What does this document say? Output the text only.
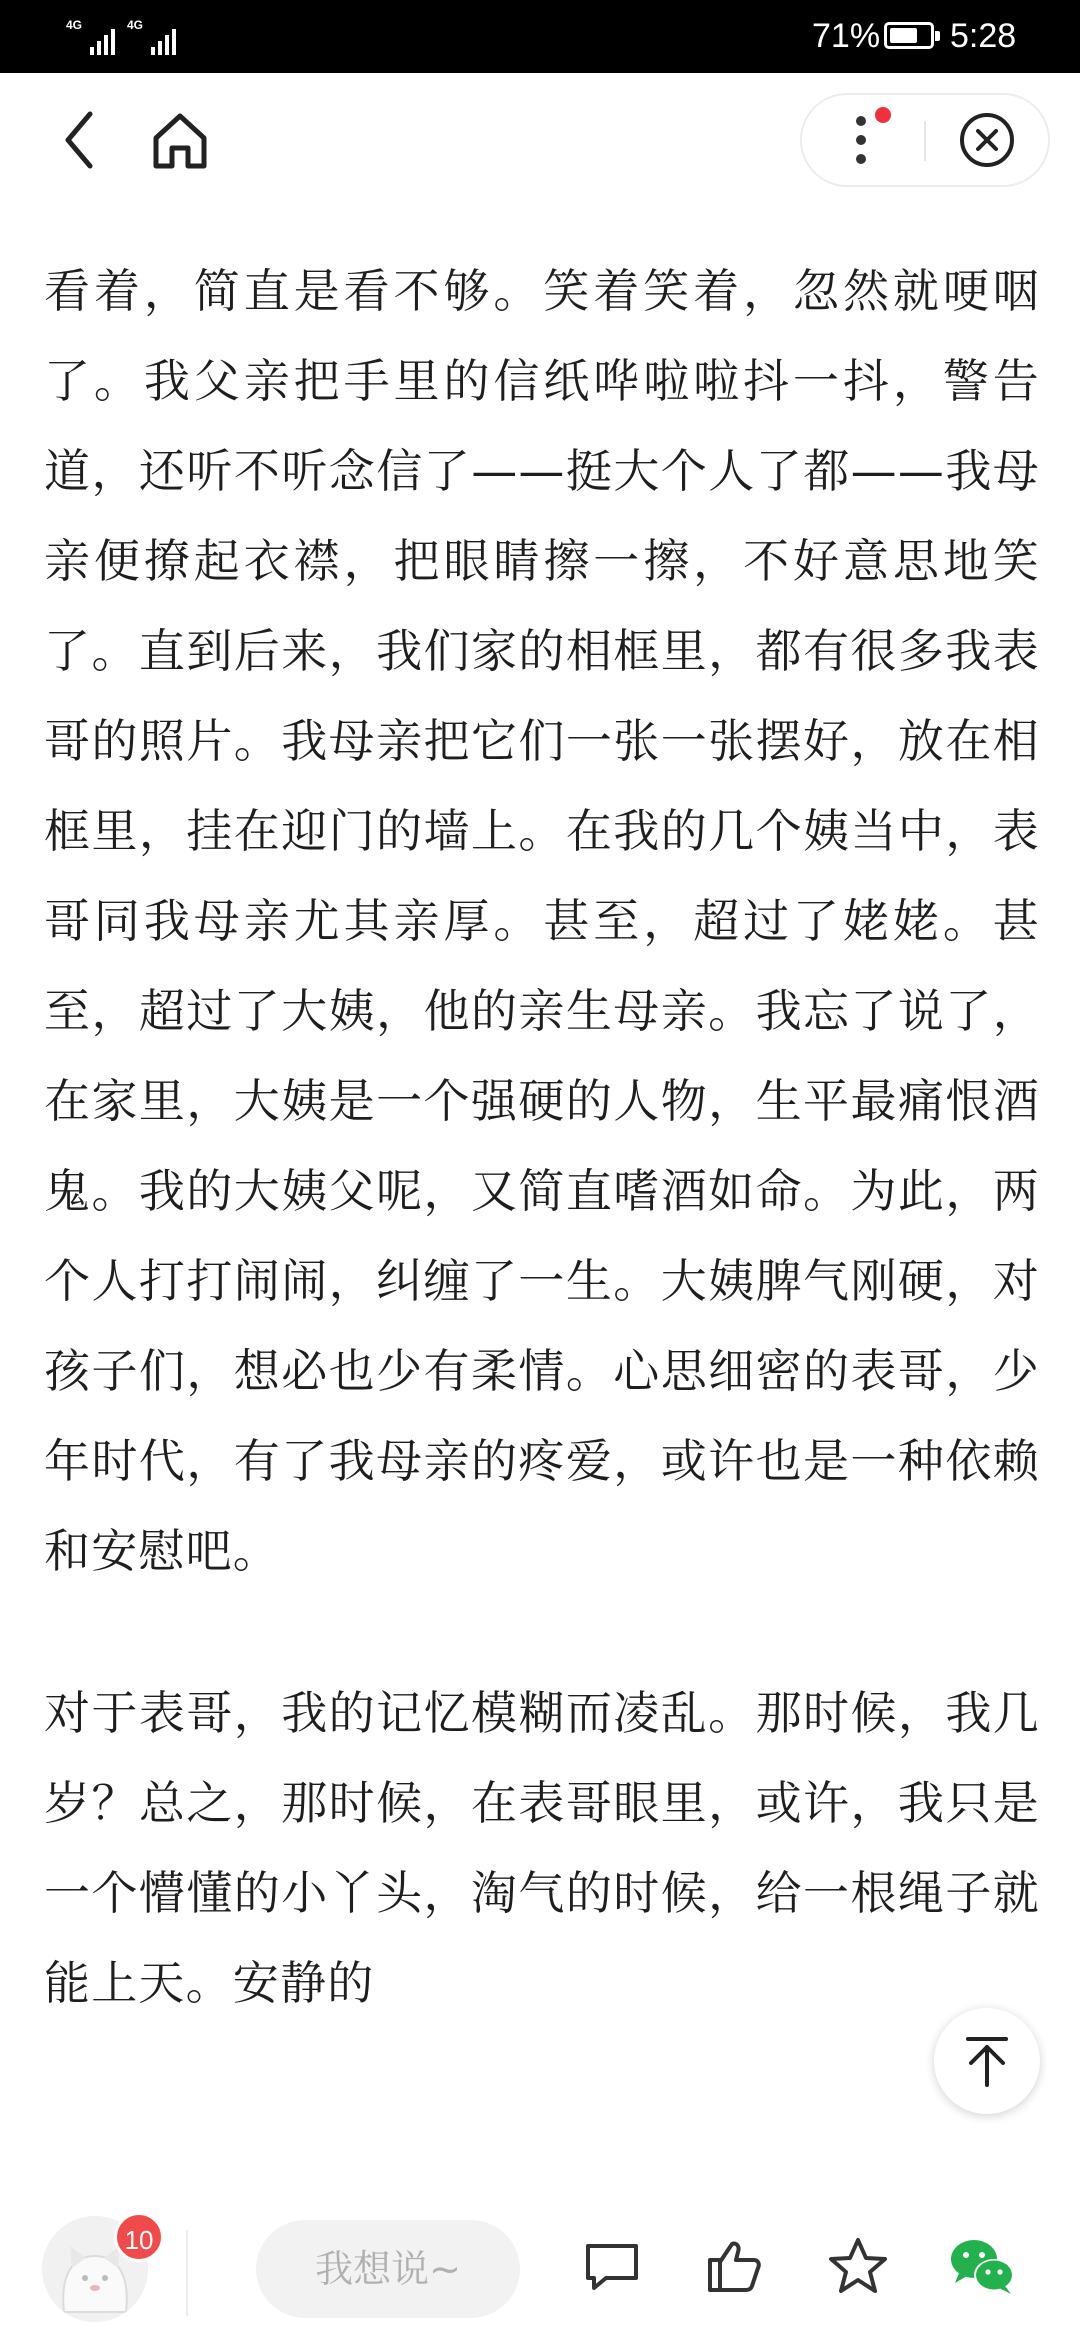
4G	4G	71% 5:28

看着，简直是看不够。笑着笑着，忽然就哽咽了。我父亲把手里的信纸哗啦啦抖一抖，警告道，还听不听念信了——挺大个人了都——我母亲便撩起衣襟，把眼睛擦一擦，不好意思地笑了。直到后来，我们家的相框里，都有很多我表哥的照片。我母亲把它们一张一张摆好，放在相框里，挂在迎门的墙上。在我的几个姨当中，表哥同我母亲尤其亲厚。甚至，超过了姥姥。甚至，超过了大姨，他的亲生母亲。我忘了说了，在家里，大姨是一个强硬的人物，生平最痛恨酒鬼。我的大姨父呢，又简直嗜酒如命。为此，两个人打打闹闹，纠缠了一生。大姨脾气刚硬，对孩子们，想必也少有柔情。心思细密的表哥，少年时代，有了我母亲的疼爱，或许也是一种依赖和安慰吧。

对于表哥，我的记忆模糊而凌乱。那时候，我几岁？总之，那时候，在表哥眼里，或许，我只是一个懵懂的小丫头，淘气的时候，给一根绳子就能上天。安静的

10
我想说~
